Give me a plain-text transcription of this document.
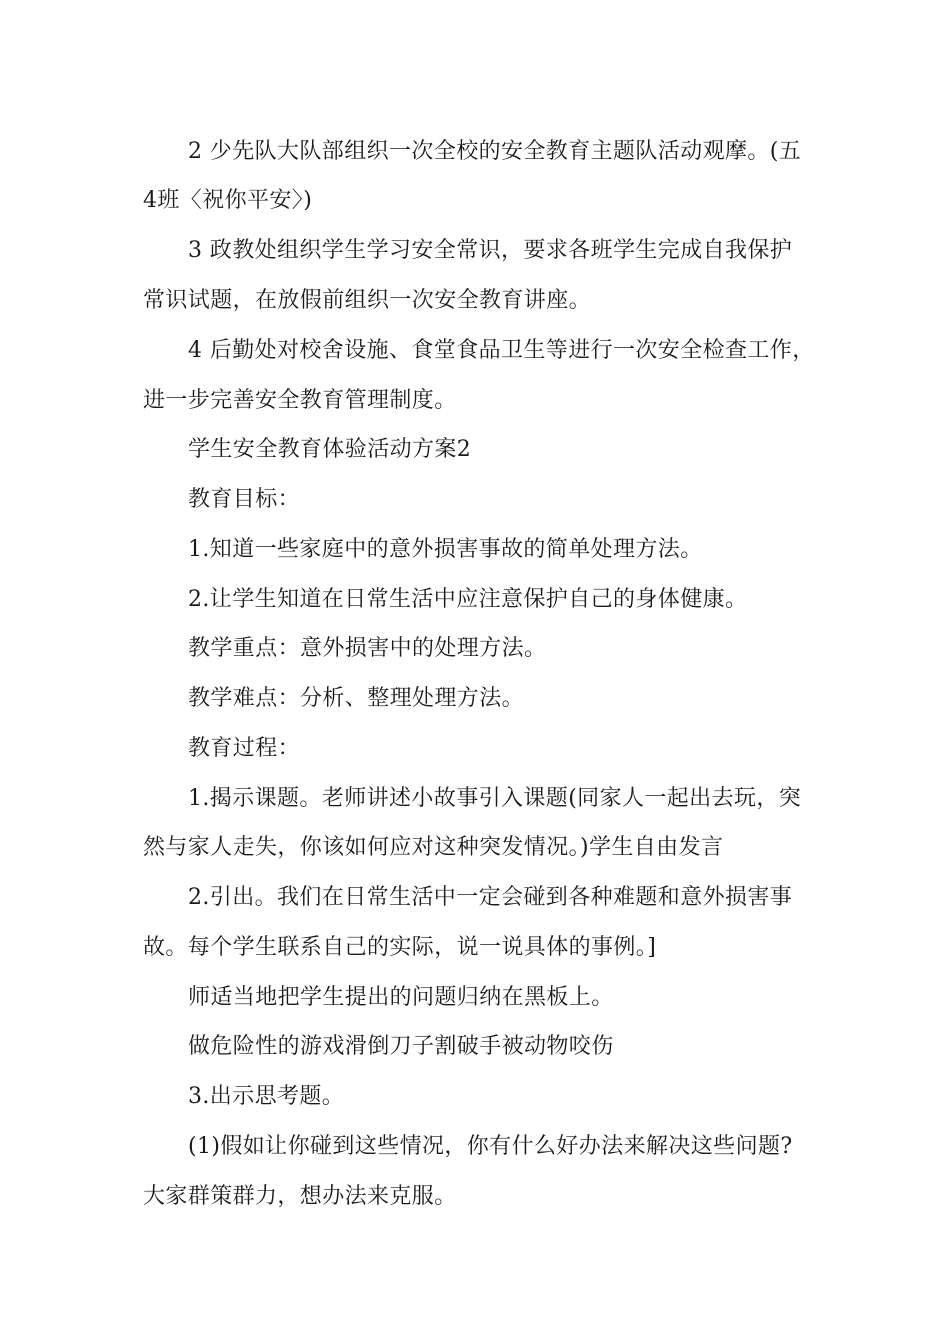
2 少先队大队部组织一次全校的安全教育主题队活动观摩。(五
4班〈祝你平安〉)
3 政教处组织学生学习安全常识，要求各班学生完成自我保护
常识试题，在放假前组织一次安全教育讲座。
4 后勤处对校舍设施、食堂食品卫生等进行一次安全检查工作，
进一步完善安全教育管理制度。
学生安全教育体验活动方案2
教育目标：
1.知道一些家庭中的意外损害事故的简单处理方法。
2.让学生知道在日常生活中应注意保护自己的身体健康。
教学重点：意外损害中的处理方法。
教学难点：分析、整理处理方法。
教育过程：
1.揭示课题。老师讲述小故事引入课题(同家人一起出去玩，突
然与家人走失，你该如何应对这种突发情况。)学生自由发言
2.引出。我们在日常生活中一定会碰到各种难题和意外损害事
故。每个学生联系自己的实际，说一说具体的事例。]
师适当地把学生提出的问题归纳在黑板上。
做危险性的游戏滑倒刀子割破手被动物咬伤
3.出示思考题。
(1)假如让你碰到这些情况，你有什么好办法来解决这些问题?
大家群策群力，想办法来克服。
